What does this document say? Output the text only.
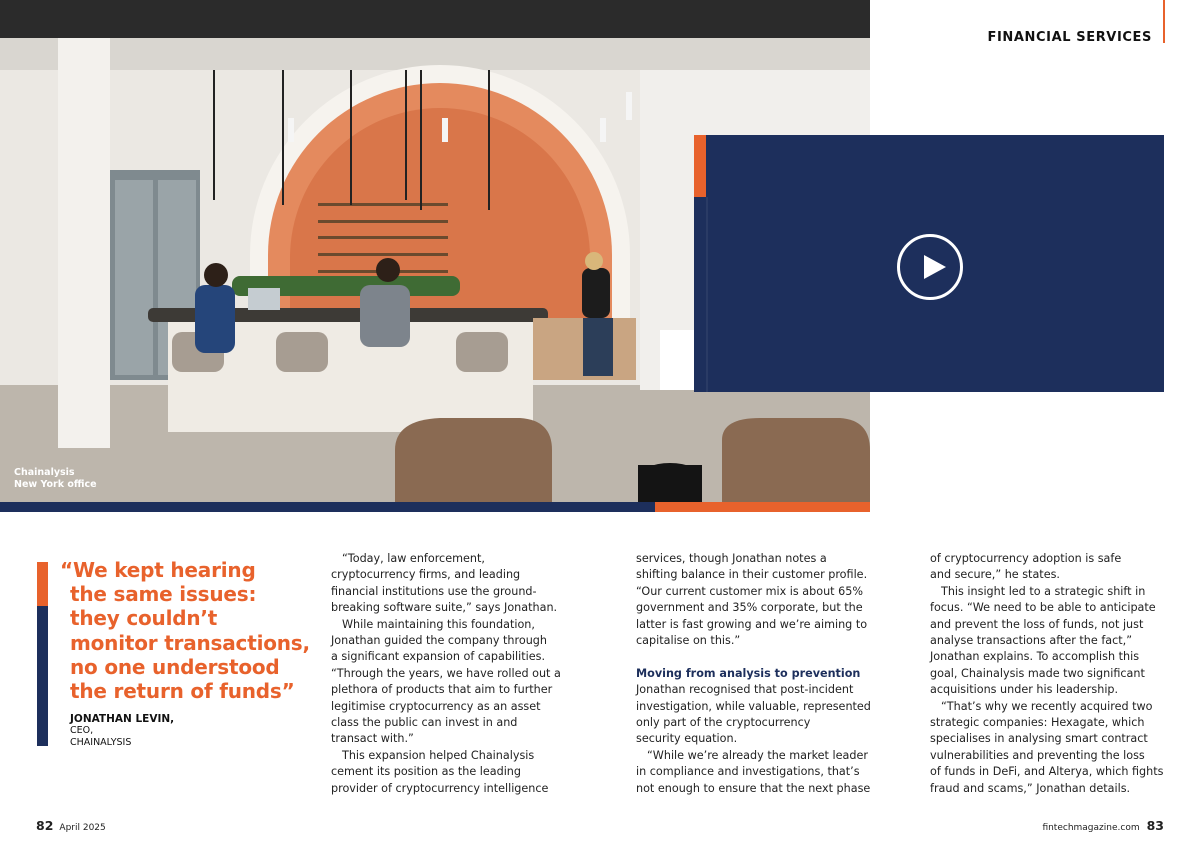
Chainalysis
New York office
FINANCIAL SERVICES
“We kept hearing
the same issues:
they couldn’t
monitor transactions,
no one understood
the return of funds”
JONATHAN LEVIN,
CEO,
CHAINALYSIS
“Today, law enforcement,
cryptocurrency firms, and leading
financial institutions use the ground-
breaking software suite,” says Jonathan.
While maintaining this foundation,
Jonathan guided the company through
a significant expansion of capabilities.
“Through the years, we have rolled out a
plethora of products that aim to further
legitimise cryptocurrency as an asset
class the public can invest in and
transact with.”
This expansion helped Chainalysis
cement its position as the leading
provider of cryptocurrency intelligence
services, though Jonathan notes a
shifting balance in their customer profile.
“Our current customer mix is about 65%
government and 35% corporate, but the
latter is fast growing and we’re aiming to
capitalise on this.”
Moving from analysis to prevention
Jonathan recognised that post-incident
investigation, while valuable, represented
only part of the cryptocurrency
security equation.
“While we’re already the market leader
in compliance and investigations, that’s
not enough to ensure that the next phase
of cryptocurrency adoption is safe
and secure,” he states.
This insight led to a strategic shift in
focus. “We need to be able to anticipate
and prevent the loss of funds, not just
analyse transactions after the fact,”
Jonathan explains. To accomplish this
goal, Chainalysis made two significant
acquisitions under his leadership.
“That’s why we recently acquired two
strategic companies: Hexagate, which
specialises in analysing smart contract
vulnerabilities and preventing the loss
of funds in DeFi, and Alterya, which fights
fraud and scams,” Jonathan details.
82 April 2025	fintechmagazine.com 83
